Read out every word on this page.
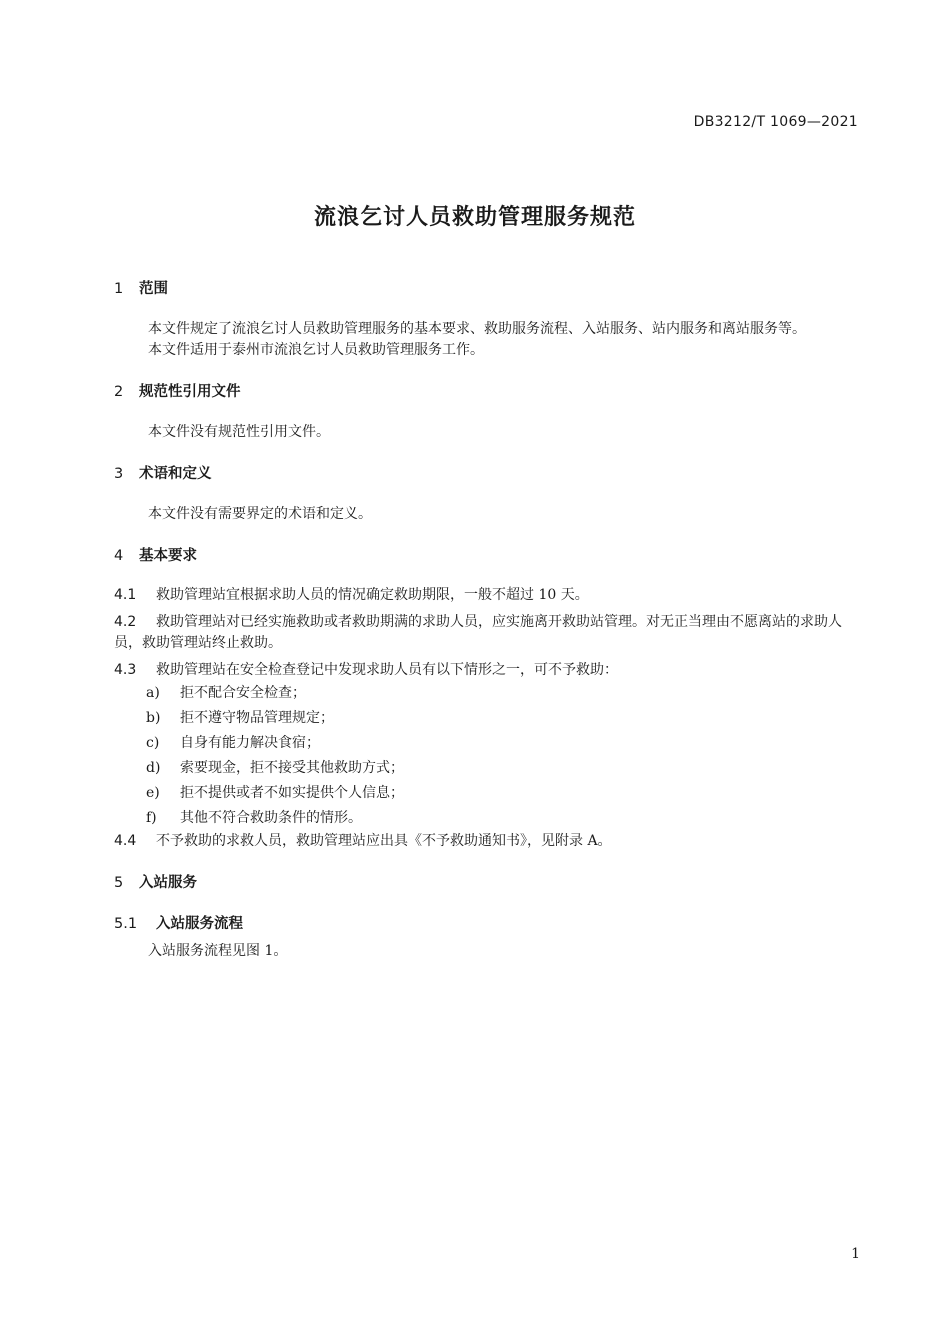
DB3212/T 1069—2021
流浪乞讨人员救助管理服务规范
1 范围

本文件规定了流浪乞讨人员救助管理服务的基本要求、救助服务流程、入站服务、站内服务和离站服务等。

本文件适用于泰州市流浪乞讨人员救助管理服务工作。

2 规范性引用文件

本文件没有规范性引用文件。

3 术语和定义

本文件没有需要界定的术语和定义。

4 基本要求

4.1 救助管理站宜根据求助人员的情况确定救助期限，一般不超过 10 天。

4.2 救助管理站对已经实施救助或者救助期满的求助人员，应实施离开救助站管理。对无正当理由不愿离站的求助人员，救助管理站终止救助。

4.3 救助管理站在安全检查登记中发现求助人员有以下情形之一，可不予救助：

a) 拒不配合安全检查；
b) 拒不遵守物品管理规定；
c) 自身有能力解决食宿；
d) 索要现金，拒不接受其他救助方式；
e) 拒不提供或者不如实提供个人信息；
f) 其他不符合救助条件的情形。

4.4 不予救助的求救人员，救助管理站应出具《不予救助通知书》，见附录 A。

5 入站服务
5.1 入站服务流程

入站服务流程见图 1。

1
